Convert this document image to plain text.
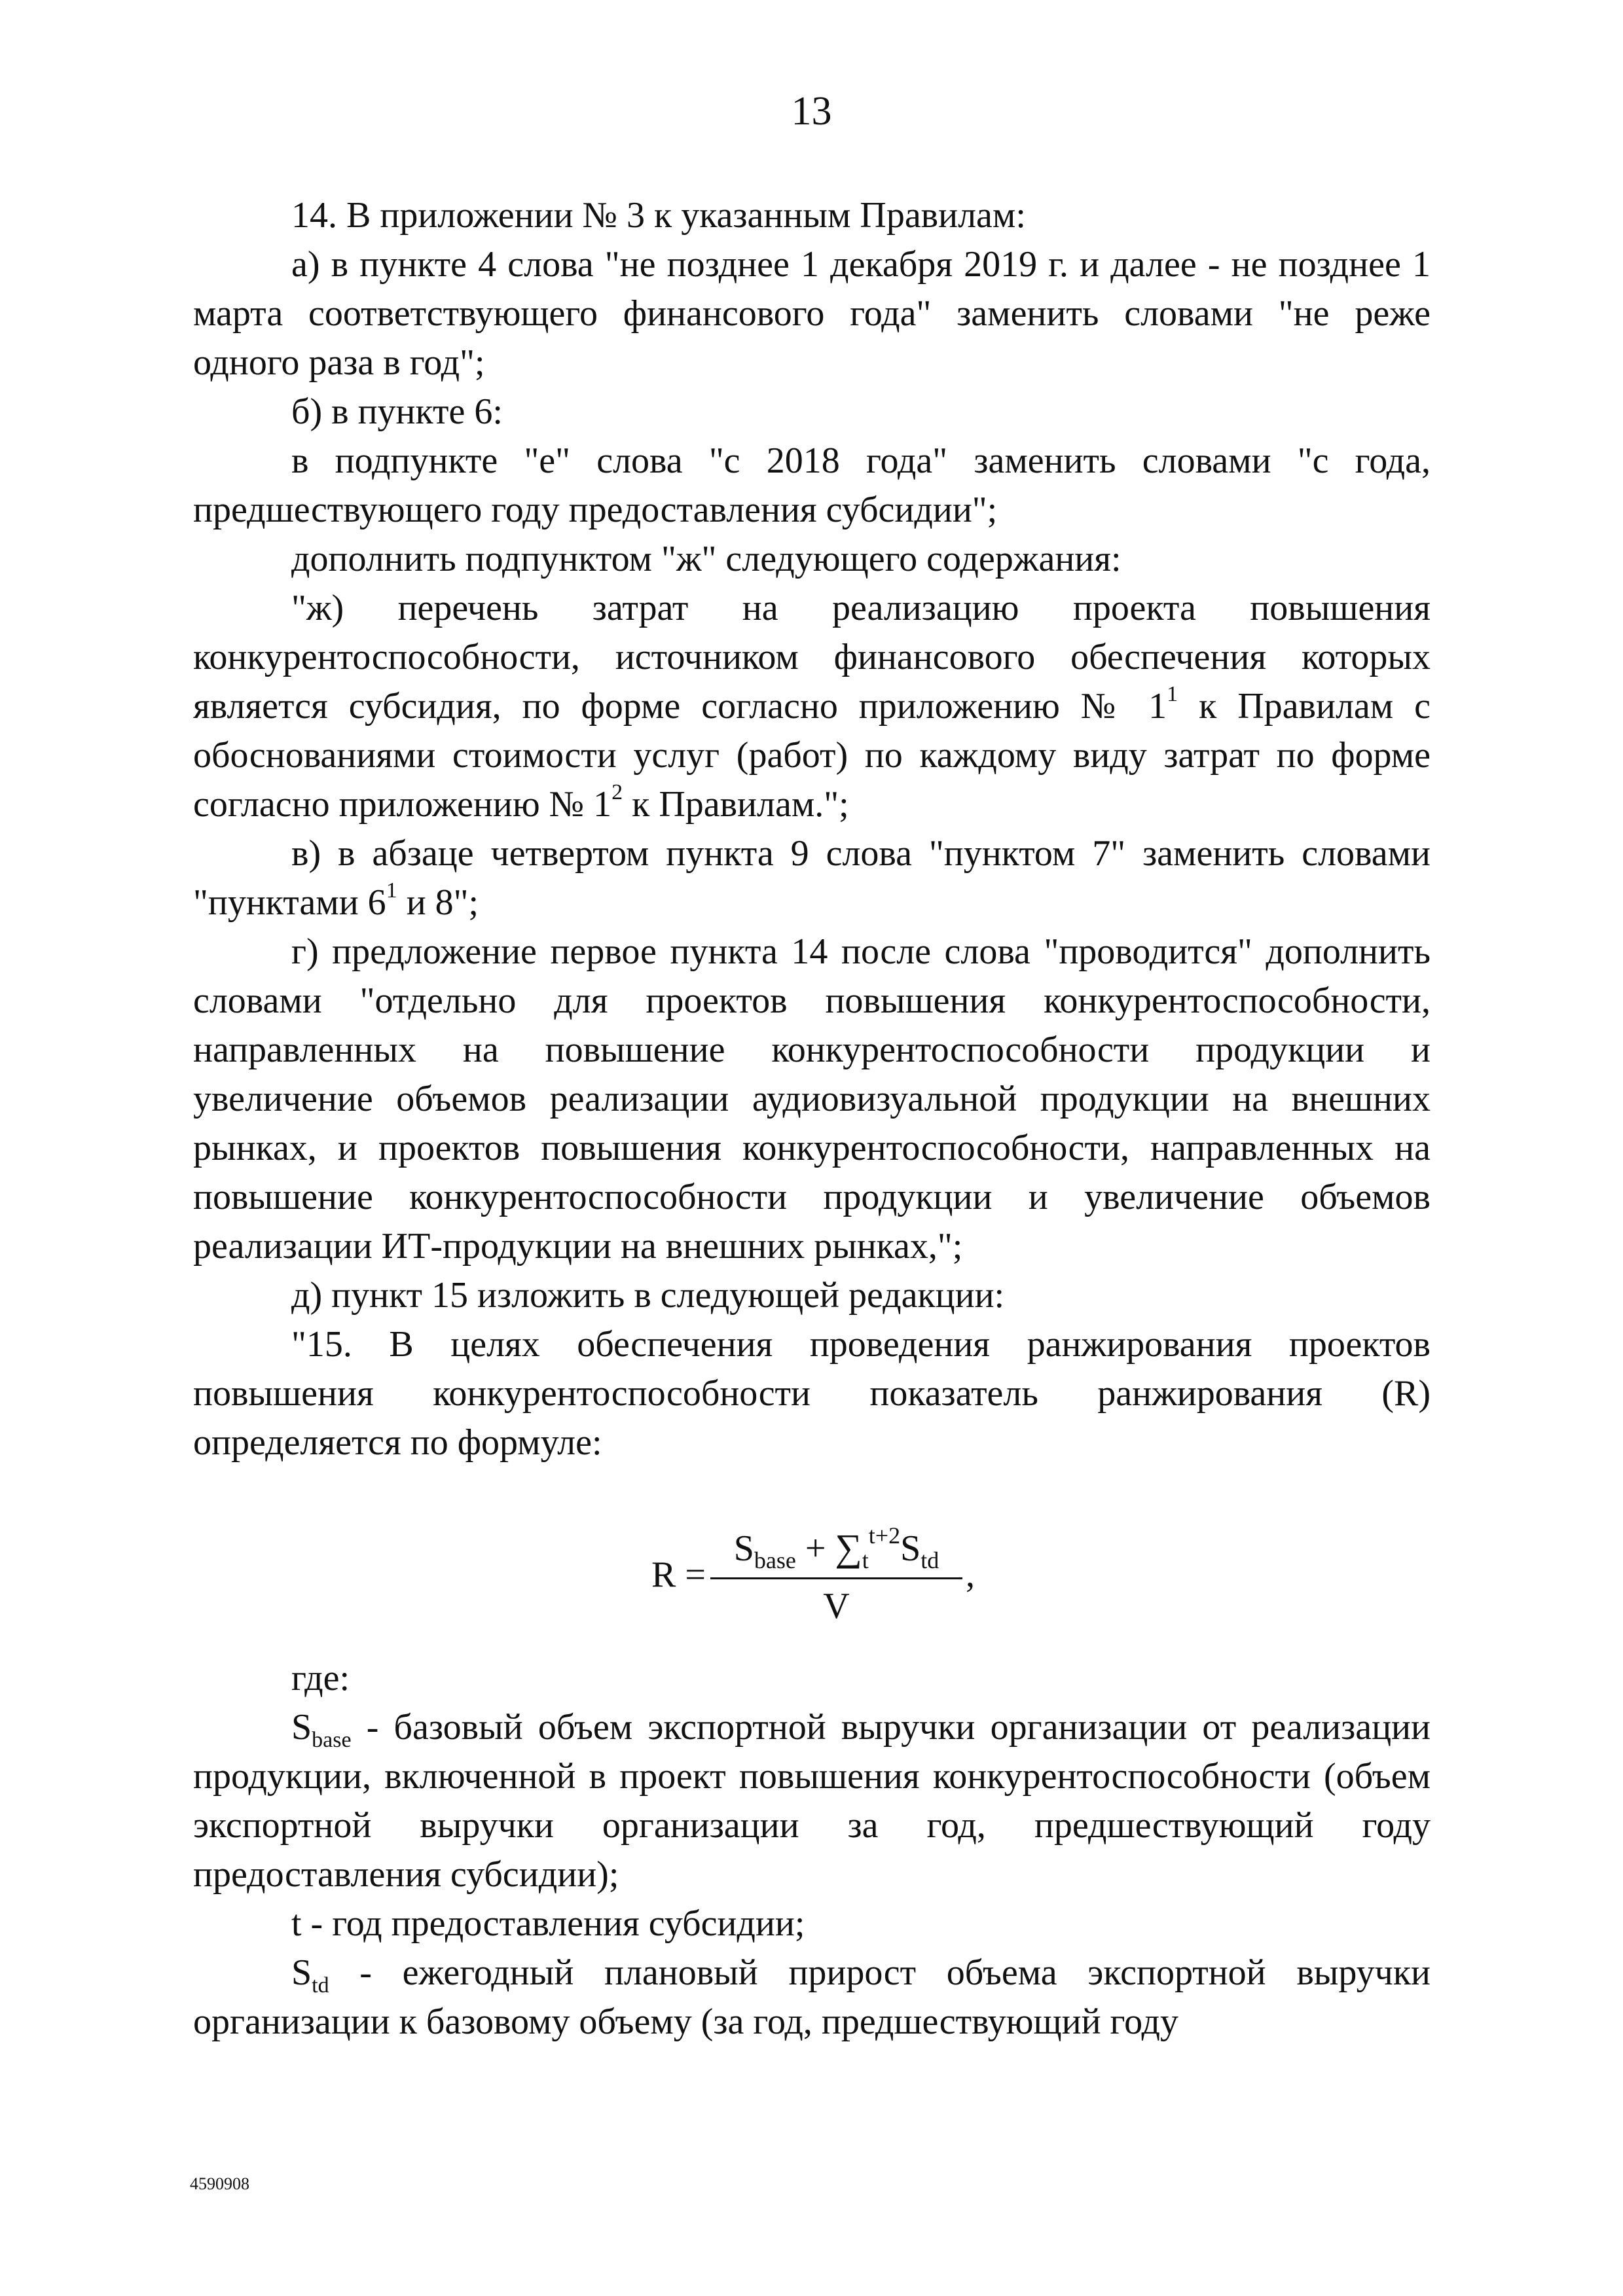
13

14. В приложении № 3 к указанным Правилам:

а) в пункте 4 слова "не позднее 1 декабря 2019 г. и далее - не позднее 1 марта соответствующего финансового года" заменить словами "не реже одного раза в год";

б) в пункте 6:

в подпункте "е" слова "с 2018 года" заменить словами "с года, предшествующего году предоставления субсидии";

дополнить подпунктом "ж" следующего содержания:

"ж) перечень затрат на реализацию проекта повышения конкурентоспособности, источником финансового обеспечения которых является субсидия, по форме согласно приложению № $1^1$ к Правилам с обоснованиями стоимости услуг (работ) по каждому виду затрат по форме согласно приложению № $1^2$ к Правилам.";

в) в абзаце четвертом пункта 9 слова "пунктом 7" заменить словами "пунктами $6^1$ и 8";

г) предложение первое пункта 14 после слова "проводится" дополнить словами "отдельно для проектов повышения конкурентоспособности, направленных на повышение конкурентоспособности продукции и увеличение объемов реализации аудиовизуальной продукции на внешних рынках, и проектов повышения конкурентоспособности, направленных на повышение конкурентоспособности продукции и увеличение объемов реализации ИТ-продукции на внешних рынках,";

д) пункт 15 изложить в следующей редакции:

"15. В целях обеспечения проведения ранжирования проектов повышения конкурентоспособности показатель ранжирования (R) определяется по формуле:

R =
$S_{base} + \sum_t^{t+2}S_{td}$
V
,

где:

$S_{base}$ - базовый объем экспортной выручки организации от реализации продукции, включенной в проект повышения конкурентоспособности (объем экспортной выручки организации за год, предшествующий году предоставления субсидии);

t - год предоставления субсидии;

$S_{td}$ - ежегодный плановый прирост объема экспортной выручки организации к базовому объему (за год, предшествующий году

4590908
